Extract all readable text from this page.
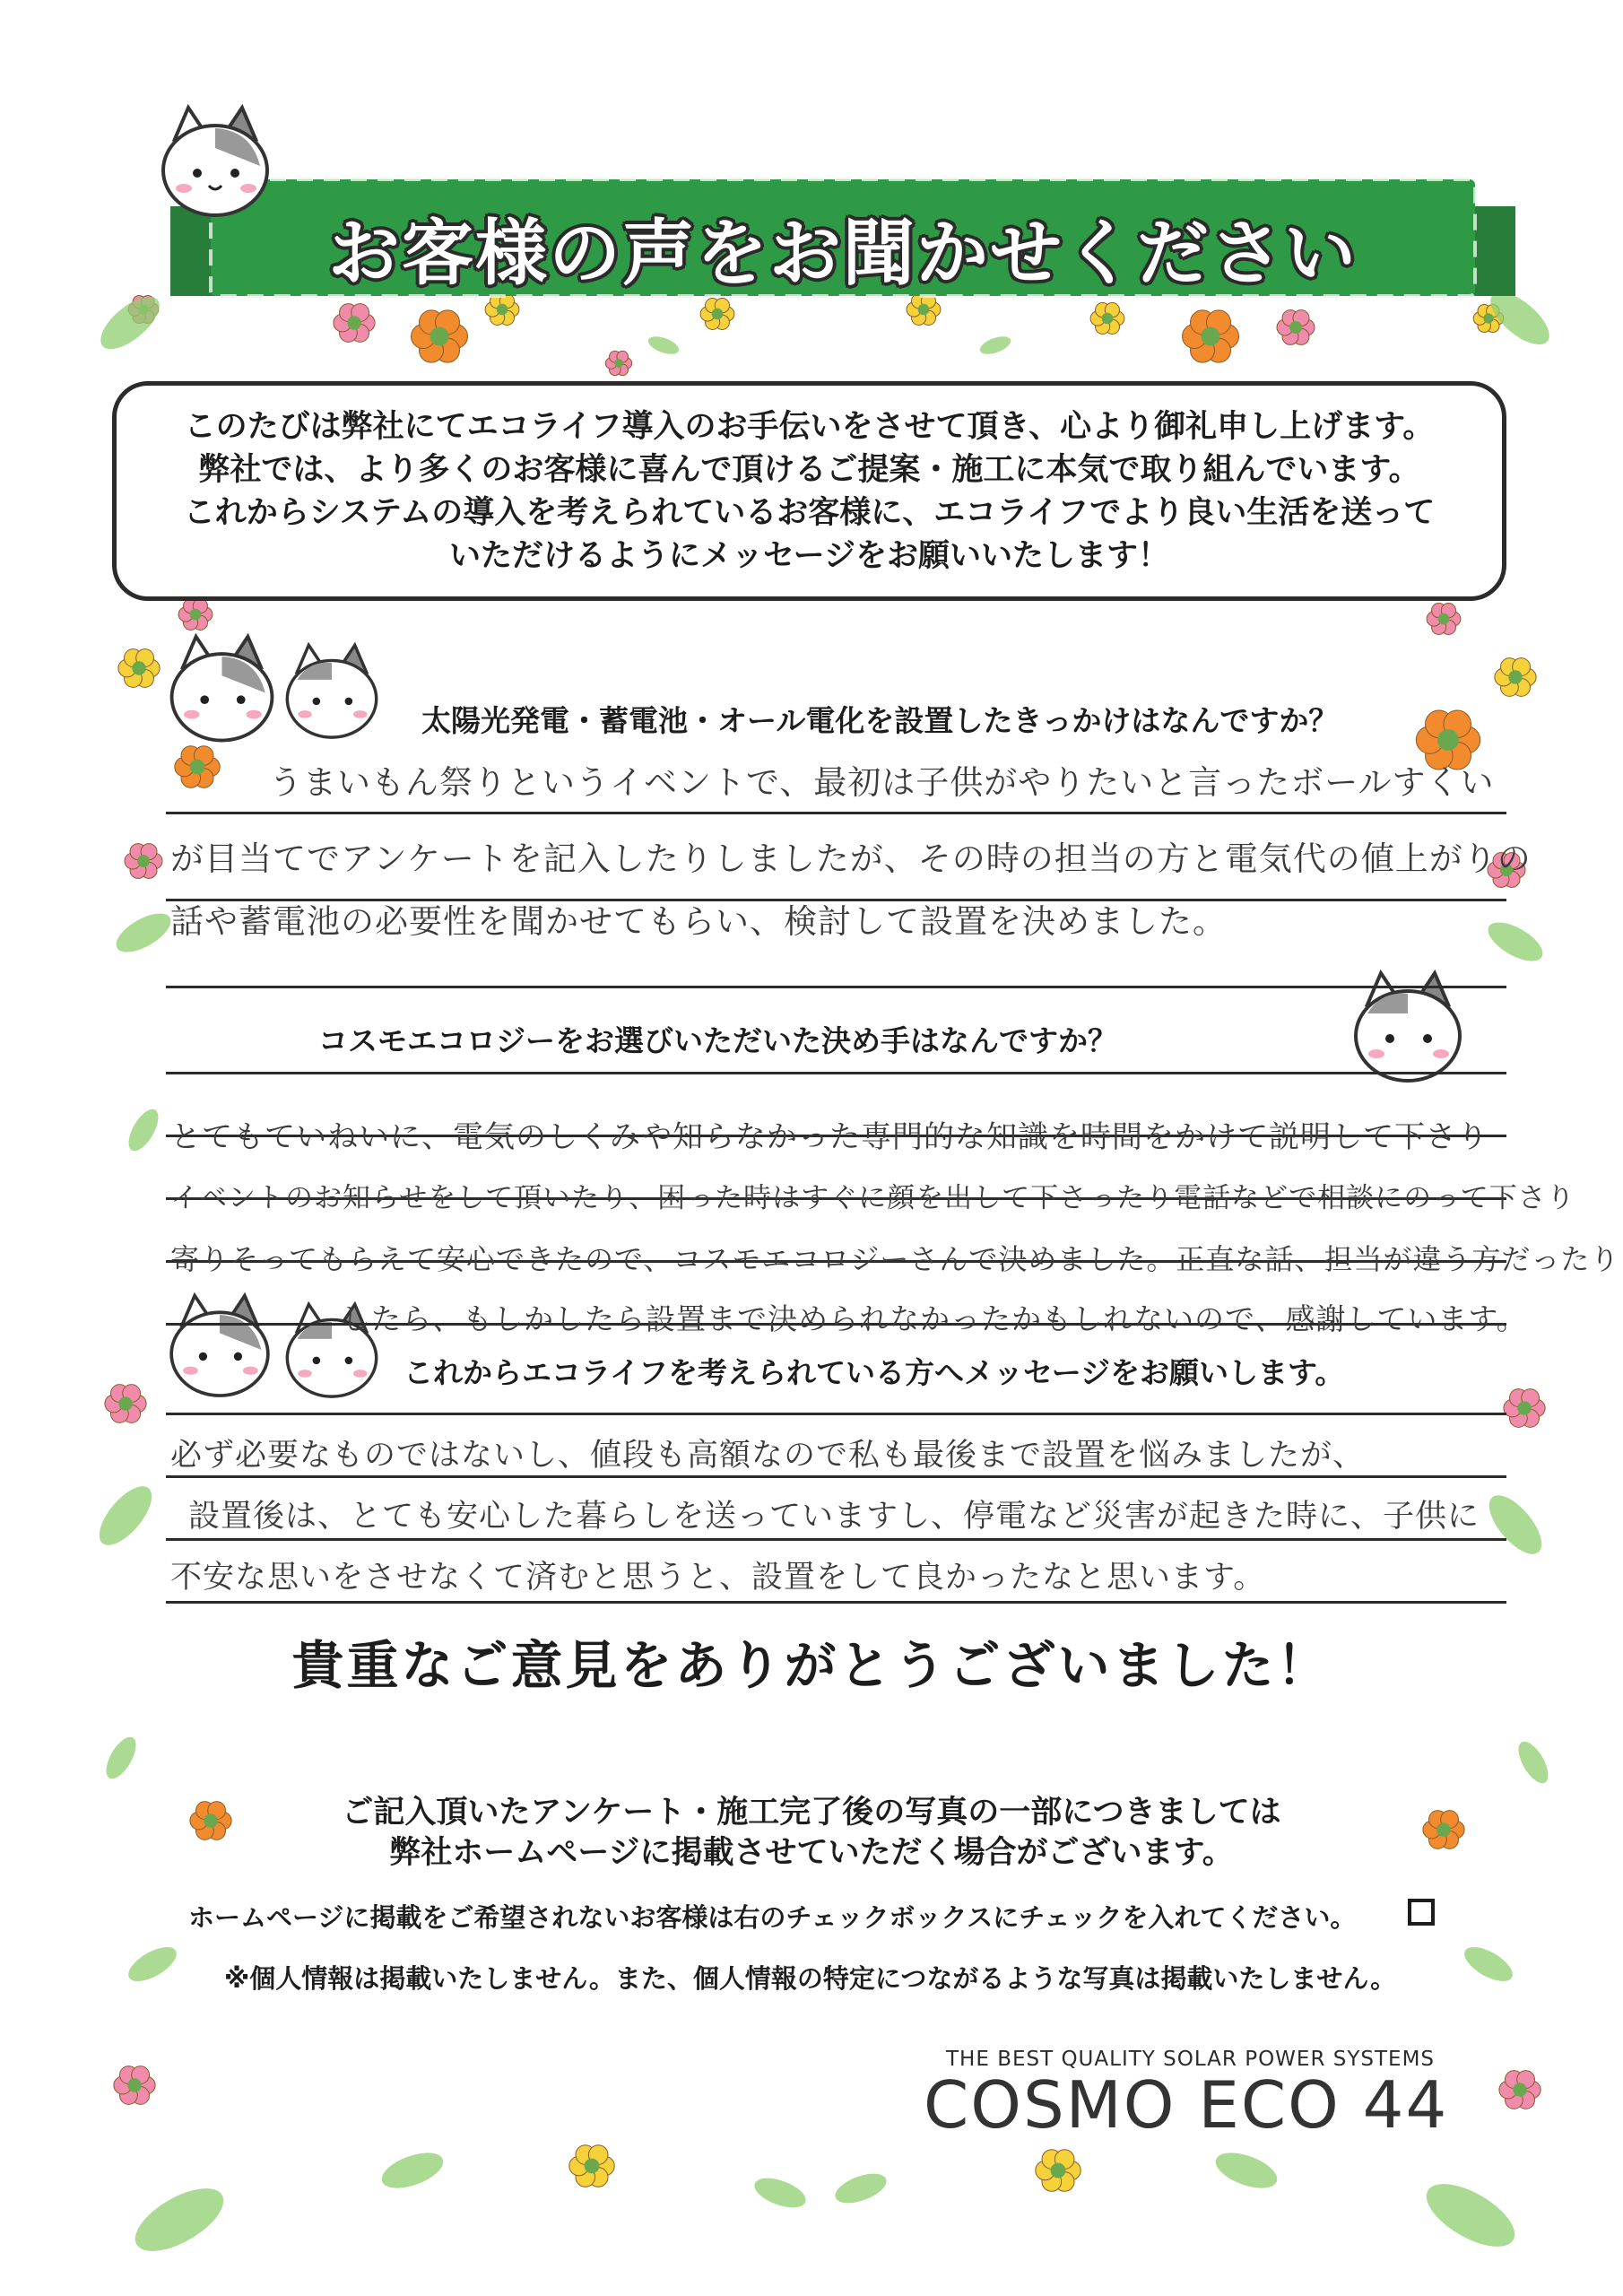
お客様の声をお聞かせください

このたびは弊社にてエコライフ導入のお手伝いをさせて頂き、心より御礼申し上げます。

弊社では、より多くのお客様に喜んで頂けるご提案・施工に本気で取り組んでいます。

これからシステムの導入を考えられているお客様に、エコライフでより良い生活を送って

いただけるようにメッセージをお願いいたします！

太陽光発電・蓄電池・オール電化を設置したきっかけはなんですか？
うまいもん祭りというイベントで、最初は子供がやりたいと言ったボールすくい
が目当てでアンケートを記入したりしましたが、その時の担当の方と電気代の値上がりの
話や蓄電池の必要性を聞かせてもらい、検討して設置を決めました。
コスモエコロジーをお選びいただいた決め手はなんですか？
とてもていねいに、電気のしくみや知らなかった専門的な知識を時間をかけて説明して下さり
イベントのお知らせをして頂いたり、困った時はすぐに顔を出して下さったり電話などで相談にのって下さり
寄りそってもらえて安心できたので、コスモエコロジーさんで決めました。正直な話、担当が違う方だったり
したら、もしかしたら設置まで決められなかったかもしれないので、感謝しています。
これからエコライフを考えられている方へメッセージをお願いします。
必ず必要なものではないし、値段も高額なので私も最後まで設置を悩みましたが、
設置後は、とても安心した暮らしを送っていますし、停電など災害が起きた時に、子供に
不安な思いをさせなくて済むと思うと、設置をして良かったなと思います。
貴重なご意見をありがとうございました！
ご記入頂いたアンケート・施工完了後の写真の一部につきましては
弊社ホームページに掲載させていただく場合がございます。
ホームページに掲載をご希望されないお客様は右のチェックボックスにチェックを入れてください。
※個人情報は掲載いたしません。また、個人情報の特定につながるような写真は掲載いたしません。
THE BEST QUALITY SOLAR POWER SYSTEMS
COSMO ECO 44
